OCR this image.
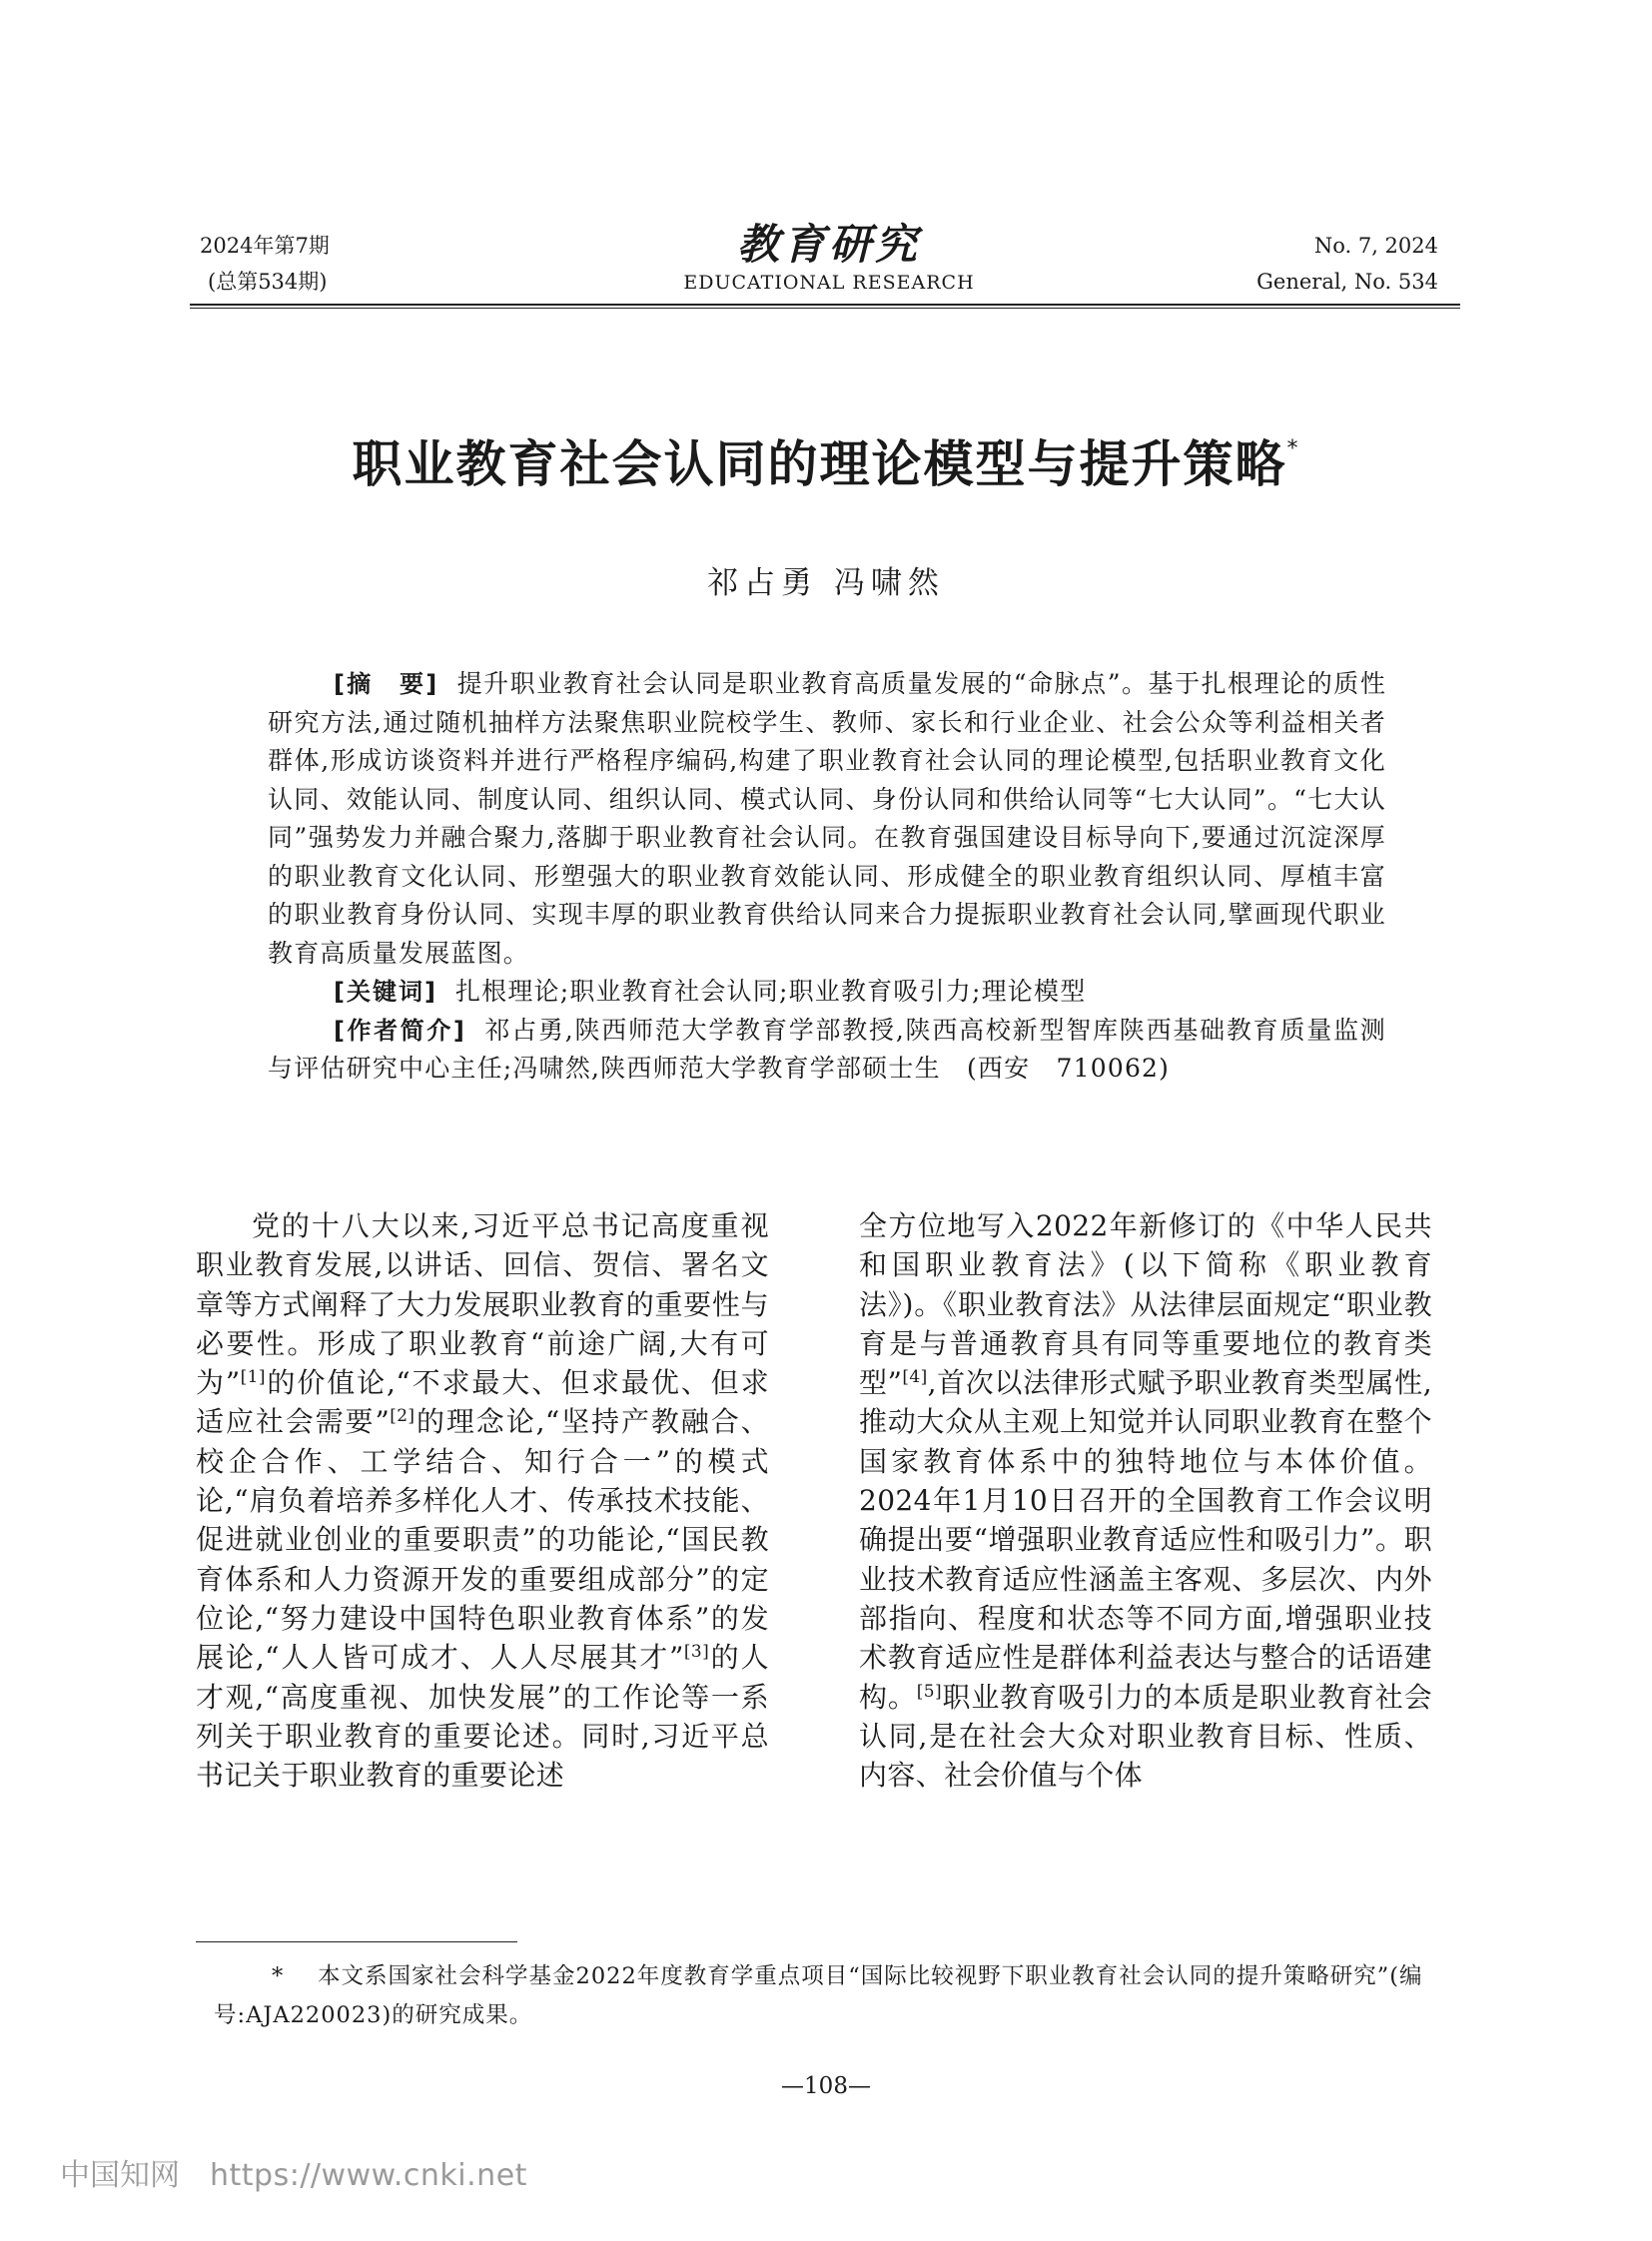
2024年第7期
(总第534期)
教育研究
EDUCATIONAL RESEARCH
No. 7, 2024
General, No. 534
职业教育社会认同的理论模型与提升策略*
祁占勇 冯啸然

[摘　要] 提升职业教育社会认同是职业教育高质量发展的“命脉点”。基于扎根理论的质性研究方法,通过随机抽样方法聚焦职业院校学生、教师、家长和行业企业、社会公众等利益相关者群体,形成访谈资料并进行严格程序编码,构建了职业教育社会认同的理论模型,包括职业教育文化认同、效能认同、制度认同、组织认同、模式认同、身份认同和供给认同等“七大认同”。“七大认同”强势发力并融合聚力,落脚于职业教育社会认同。在教育强国建设目标导向下,要通过沉淀深厚的职业教育文化认同、形塑强大的职业教育效能认同、形成健全的职业教育组织认同、厚植丰富的职业教育身份认同、实现丰厚的职业教育供给认同来合力提振职业教育社会认同,擘画现代职业教育高质量发展蓝图。

[关键词] 扎根理论;职业教育社会认同;职业教育吸引力;理论模型

[作者简介] 祁占勇,陕西师范大学教育学部教授,陕西高校新型智库陕西基础教育质量监测与评估研究中心主任;冯啸然,陕西师范大学教育学部硕士生　(西安　710062)

党的十八大以来,习近平总书记高度重视职业教育发展,以讲话、回信、贺信、署名文章等方式阐释了大力发展职业教育的重要性与必要性。形成了职业教育“前途广阔,大有可为”[1]的价值论,“不求最大、但求最优、但求适应社会需要”[2]的理念论,“坚持产教融合、校企合作、工学结合、知行合一”的模式论,“肩负着培养多样化人才、传承技术技能、促进就业创业的重要职责”的功能论,“国民教育体系和人力资源开发的重要组成部分”的定位论,“努力建设中国特色职业教育体系”的发展论,“人人皆可成才、人人尽展其才”[3]的人才观,“高度重视、加快发展”的工作论等一系列关于职业教育的重要论述。同时,习近平总书记关于职业教育的重要论述
全方位地写入2022年新修订的《中华人民共和国职业教育法》(以下简称《职业教育法》)。《职业教育法》从法律层面规定“职业教育是与普通教育具有同等重要地位的教育类型”[4],首次以法律形式赋予职业教育类型属性,推动大众从主观上知觉并认同职业教育在整个国家教育体系中的独特地位与本体价值。2024年1月10日召开的全国教育工作会议明确提出要“增强职业教育适应性和吸引力”。职业技术教育适应性涵盖主客观、多层次、内外部指向、程度和状态等不同方面,增强职业技术教育适应性是群体利益表达与整合的话语建构。[5]职业教育吸引力的本质是职业教育社会认同,是在社会大众对职业教育目标、性质、内容、社会价值与个体
* 本文系国家社会科学基金2022年度教育学重点项目“国际比较视野下职业教育社会认同的提升策略研究”(编号:AJA220023)的研究成果。
—108—
中国知网 https://www.cnki.net
